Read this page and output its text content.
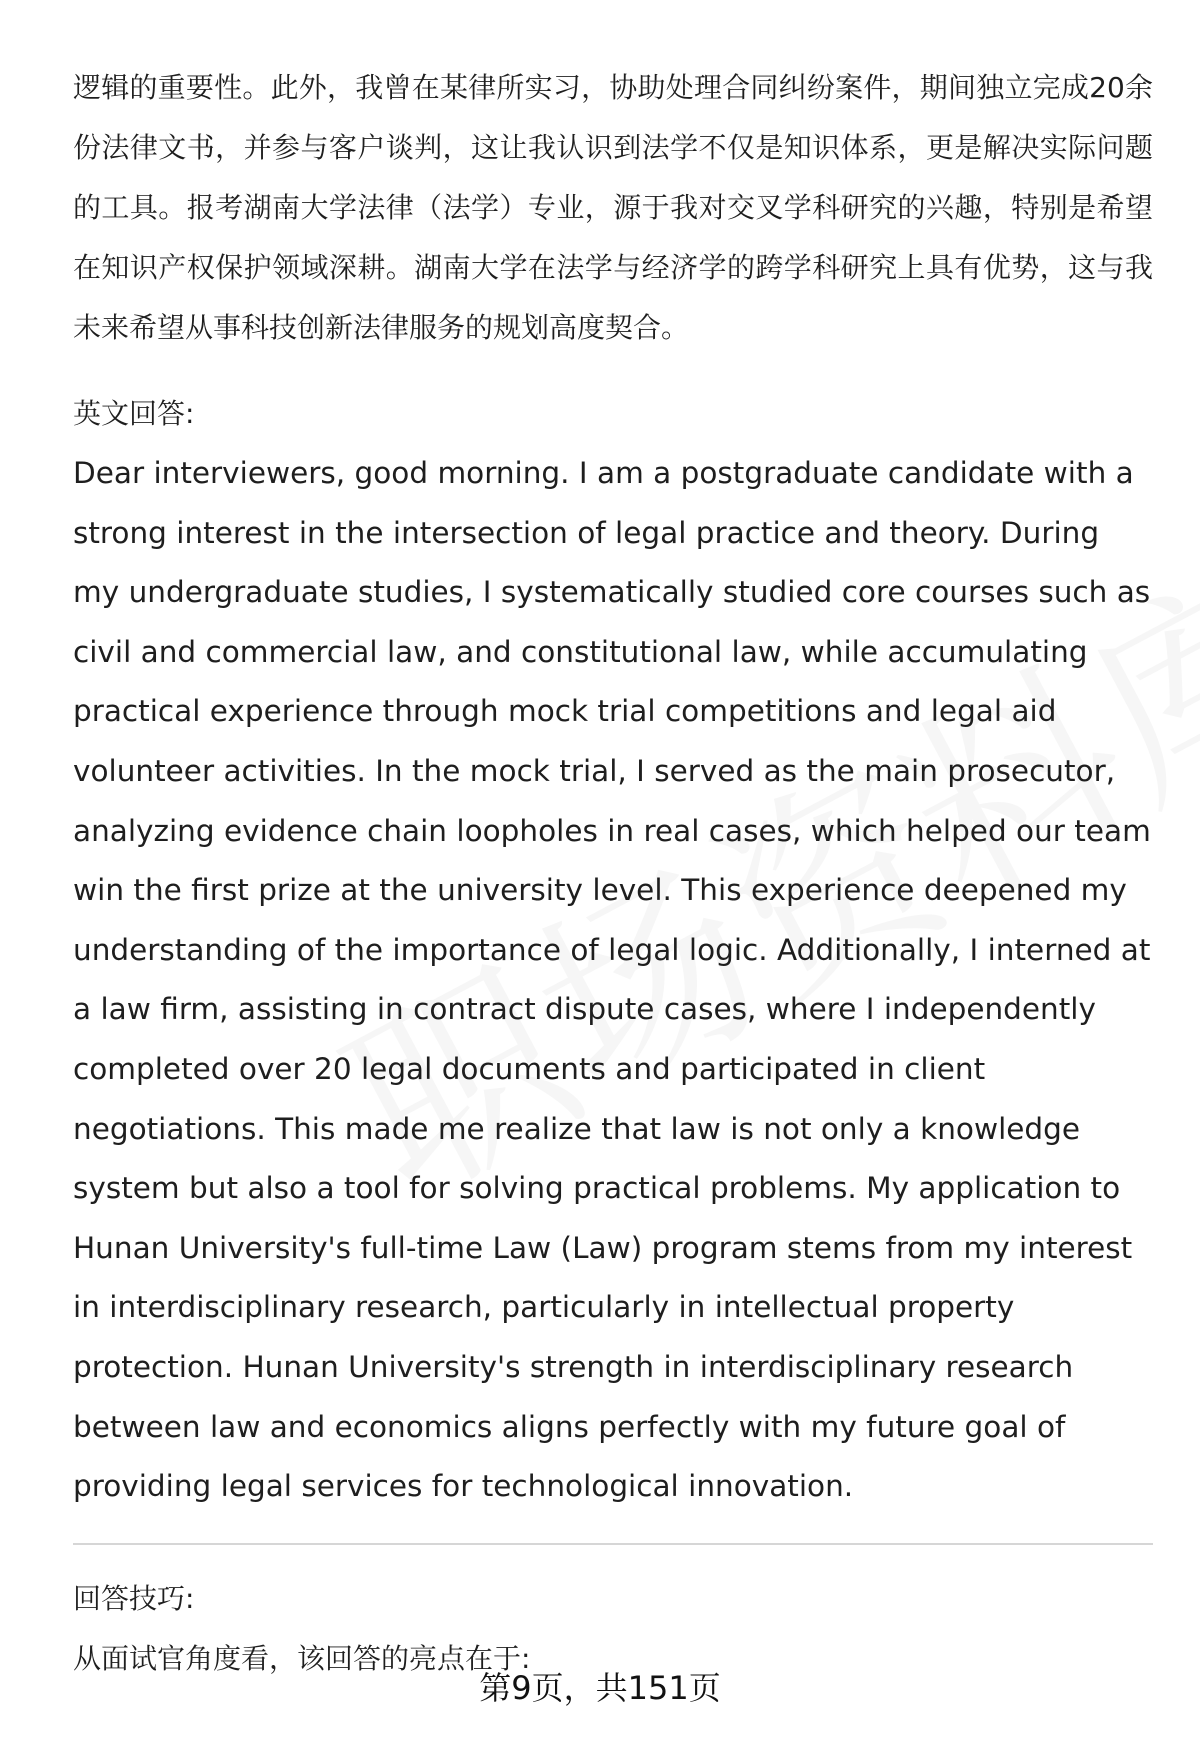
逻辑的重要性。此外，我曾在某律所实习，协助处理合同纠纷案件，期间独立完成20余份法律文书，并参与客户谈判，这让我认识到法学不仅是知识体系，更是解决实际问题的工具。报考湖南大学法律（法学）专业，源于我对交叉学科研究的兴趣，特别是希望在知识产权保护领域深耕。湖南大学在法学与经济学的跨学科研究上具有优势，这与我未来希望从事科技创新法律服务的规划高度契合。

英文回答:

Dear interviewers, good morning. I am a postgraduate candidate with a strong interest in the intersection of legal practice and theory. During my undergraduate studies, I systematically studied core courses such as civil and commercial law, and constitutional law, while accumulating practical experience through mock trial competitions and legal aid volunteer activities. In the mock trial, I served as the main prosecutor, analyzing evidence chain loopholes in real cases, which helped our team win the first prize at the university level. This experience deepened my understanding of the importance of legal logic. Additionally, I interned at a law firm, assisting in contract dispute cases, where I independently completed over 20 legal documents and participated in client negotiations. This made me realize that law is not only a knowledge system but also a tool for solving practical problems. My application to Hunan University's full-time Law (Law) program stems from my interest in interdisciplinary research, particularly in intellectual property protection. Hunan University's strength in interdisciplinary research between law and economics aligns perfectly with my future goal of providing legal services for technological innovation.

回答技巧:

从面试官角度看，该回答的亮点在于:

第9页，共151页
